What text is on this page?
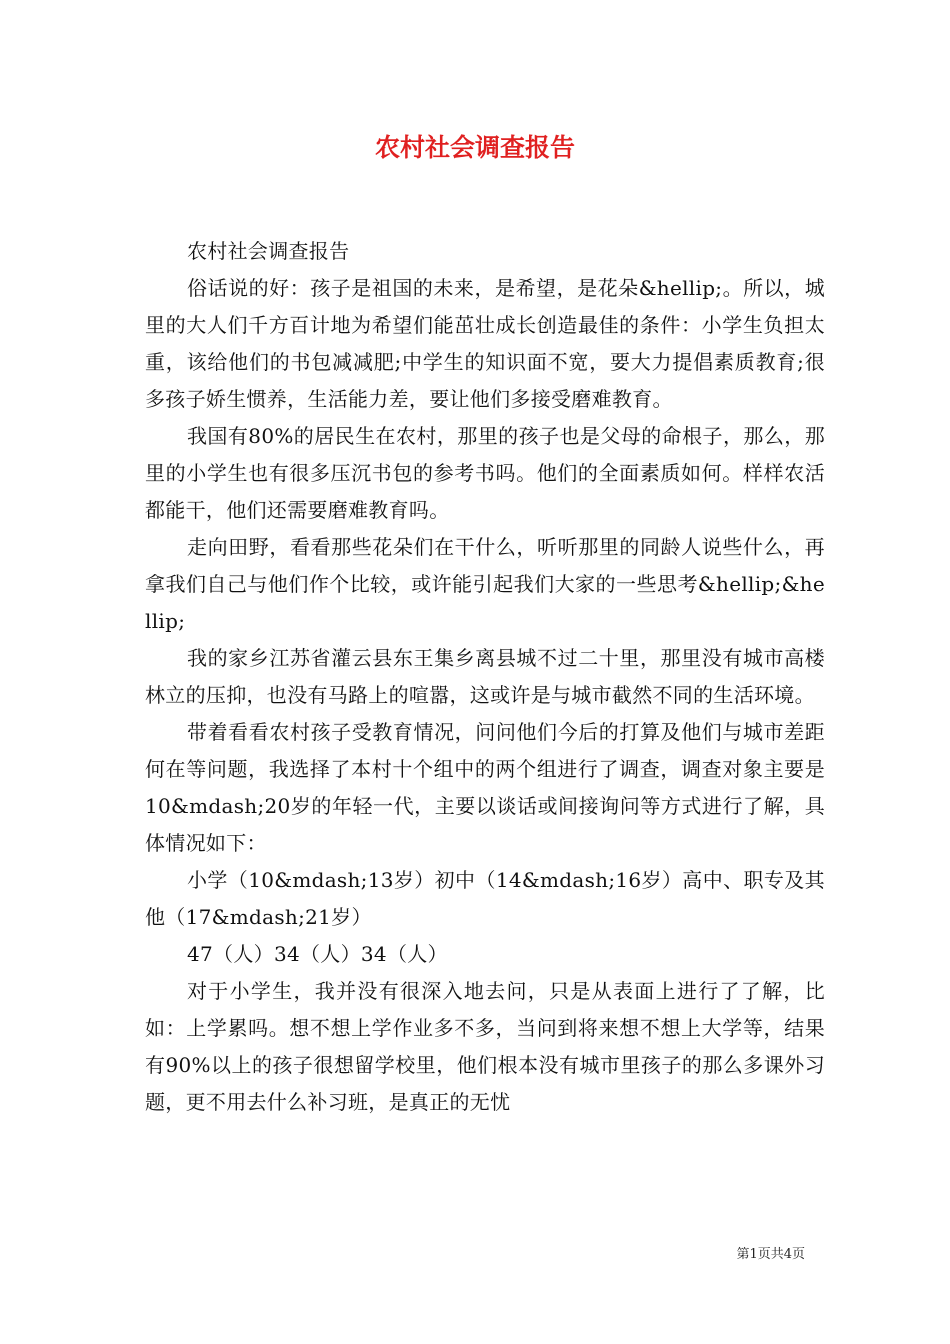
农村社会调查报告

农村社会调查报告

俗话说的好：孩子是祖国的未来，是希望，是花朵&hellip;。所以，城里的大人们千方百计地为希望们能茁壮成长创造最佳的条件：小学生负担太重，该给他们的书包减减肥;中学生的知识面不宽，要大力提倡素质教育;很多孩子娇生惯养，生活能力差，要让他们多接受磨难教育。

我国有80%的居民生在农村，那里的孩子也是父母的命根子，那么，那里的小学生也有很多压沉书包的参考书吗。他们的全面素质如何。样样农活都能干，他们还需要磨难教育吗。

走向田野，看看那些花朵们在干什么，听听那里的同龄人说些什么，再拿我们自己与他们作个比较，或许能引起我们大家的一些思考&hellip;&hellip;

我的家乡江苏省灌云县东王集乡离县城不过二十里，那里没有城市高楼林立的压抑，也没有马路上的喧嚣，这或许是与城市截然不同的生活环境。

带着看看农村孩子受教育情况，问问他们今后的打算及他们与城市差距何在等问题，我选择了本村十个组中的两个组进行了调查，调查对象主要是10&mdash;20岁的年轻一代，主要以谈话或间接询问等方式进行了解，具体情况如下：

小学（10&mdash;13岁）初中（14&mdash;16岁）高中、职专及其他（17&mdash;21岁）

47（人）34（人）34（人）

对于小学生，我并没有很深入地去问，只是从表面上进行了了解，比如：上学累吗。想不想上学作业多不多，当问到将来想不想上大学等，结果有90%以上的孩子很想留学校里，他们根本没有城市里孩子的那么多课外习题，更不用去什么补习班，是真正的无忧

第1页共4页
